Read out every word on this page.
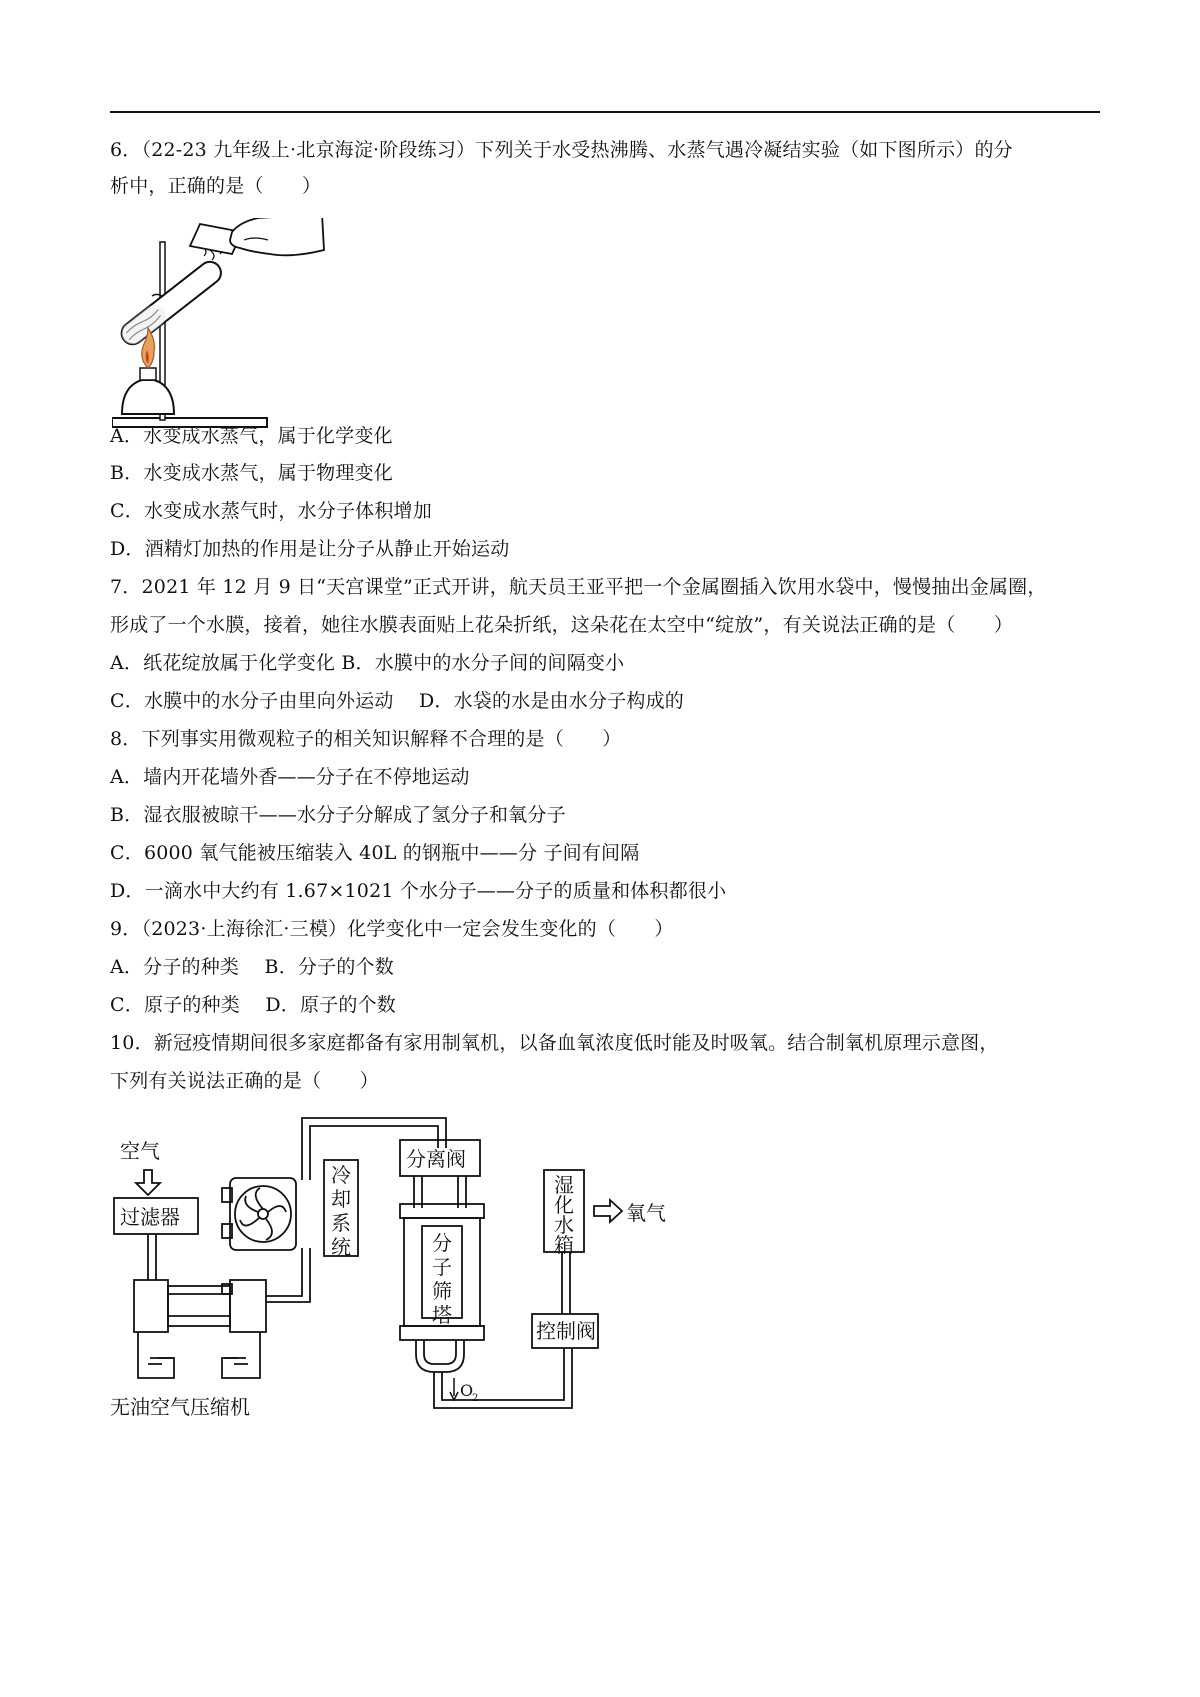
6．（22-23 九年级上·北京海淀·阶段练习）下列关于水受热沸腾、水蒸气遇冷凝结实验（如下图所示）的分
析中，正确的是（　　）
A．水变成水蒸气，属于化学变化
B．水变成水蒸气，属于物理变化
C．水变成水蒸气时，水分子体积增加
D．酒精灯加热的作用是让分子从静止开始运动
7．2021 年 12 月 9 日“天宫课堂”正式开讲，航天员王亚平把一个金属圈插入饮用水袋中，慢慢抽出金属圈，
形成了一个水膜，接着，她往水膜表面贴上花朵折纸，这朵花在太空中“绽放”，有关说法正确的是（　　）
A．纸花绽放属于化学变化 B．水膜中的水分子间的间隔变小
C．水膜中的水分子由里向外运动　 D．水袋的水是由水分子构成的
8．下列事实用微观粒子的相关知识解释不合理的是（　　）
A．墙内开花墙外香——分子在不停地运动
B．湿衣服被晾干——水分子分解成了氢分子和氧分子
C．6000 氧气能被压缩装入 40L 的钢瓶中——分 子间有间隔
D．一滴水中大约有 1.67×1021 个水分子——分子的质量和体积都很小
9．（2023·上海徐汇·三模）化学变化中一定会发生变化的（　　）
A．分子的种类　 B．分子的个数
C．原子的种类　 D．原子的个数
10．新冠疫情期间很多家庭都备有家用制氧机，以备血氧浓度低时能及时吸氧。结合制氧机原理示意图，
下列有关说法正确的是（　　）
空气
过滤器
无油空气压缩机
分离阀
控制阀
氧气
冷
却
系
统	分
子
筛
塔
湿
化
水
箱
O
2
